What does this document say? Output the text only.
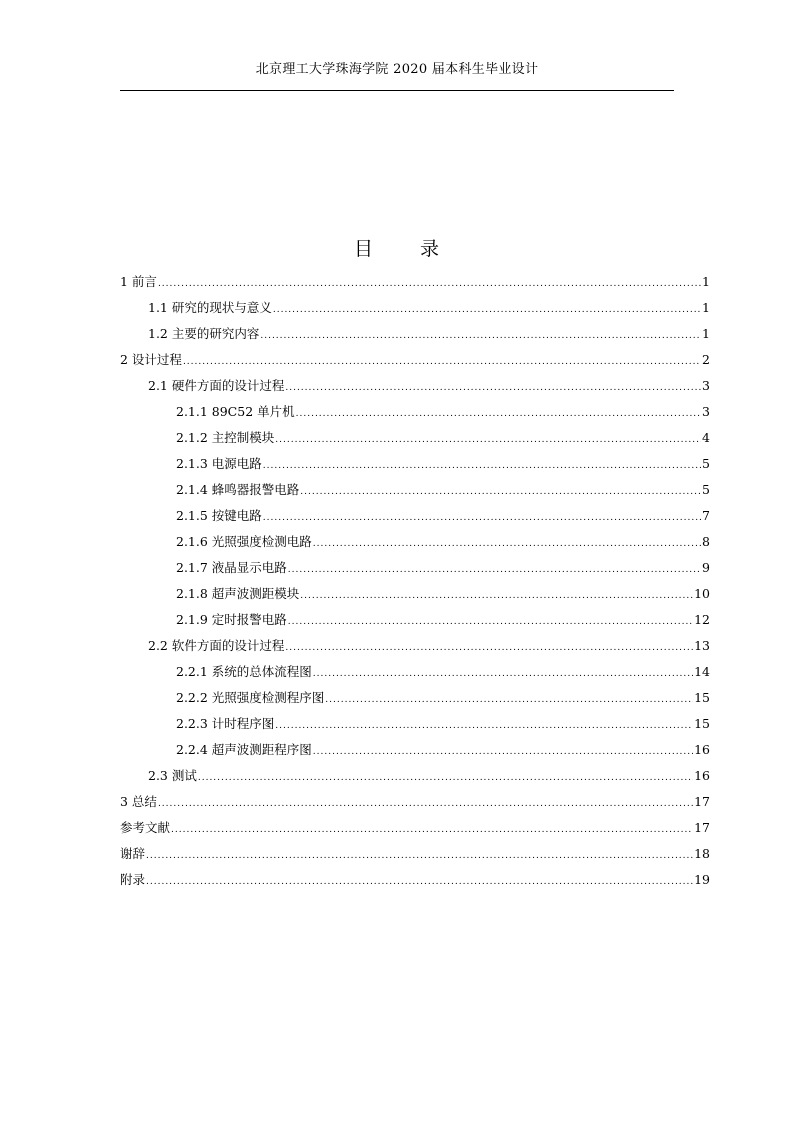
北京理工大学珠海学院 2020 届本科生毕业设计
目　录
1 前言 .....	1
1.1 研究的现状与意义 .....	1
1.2 主要的研究内容 .....	1
2 设计过程 .....	2
2.1 硬件方面的设计过程 .....	3
2.1.1 89C52 单片机 .....	3
2.1.2 主控制模块 .....	4
2.1.3 电源电路 .....	5
2.1.4 蜂鸣器报警电路 .....	5
2.1.5 按键电路 .....	7
2.1.6 光照强度检测电路 .....	8
2.1.7 液晶显示电路 .....	9
2.1.8 超声波测距模块 .....	10
2.1.9 定时报警电路 .....	12
2.2 软件方面的设计过程 .....	13
2.2.1 系统的总体流程图 .....	14
2.2.2 光照强度检测程序图 .....	15
2.2.3 计时程序图 .....	15
2.2.4 超声波测距程序图 .....	16
2.3 测试 .....	16
3 总结 .....	17
参考文献 .....	17
谢辞 .....	18
附录 .....	19
